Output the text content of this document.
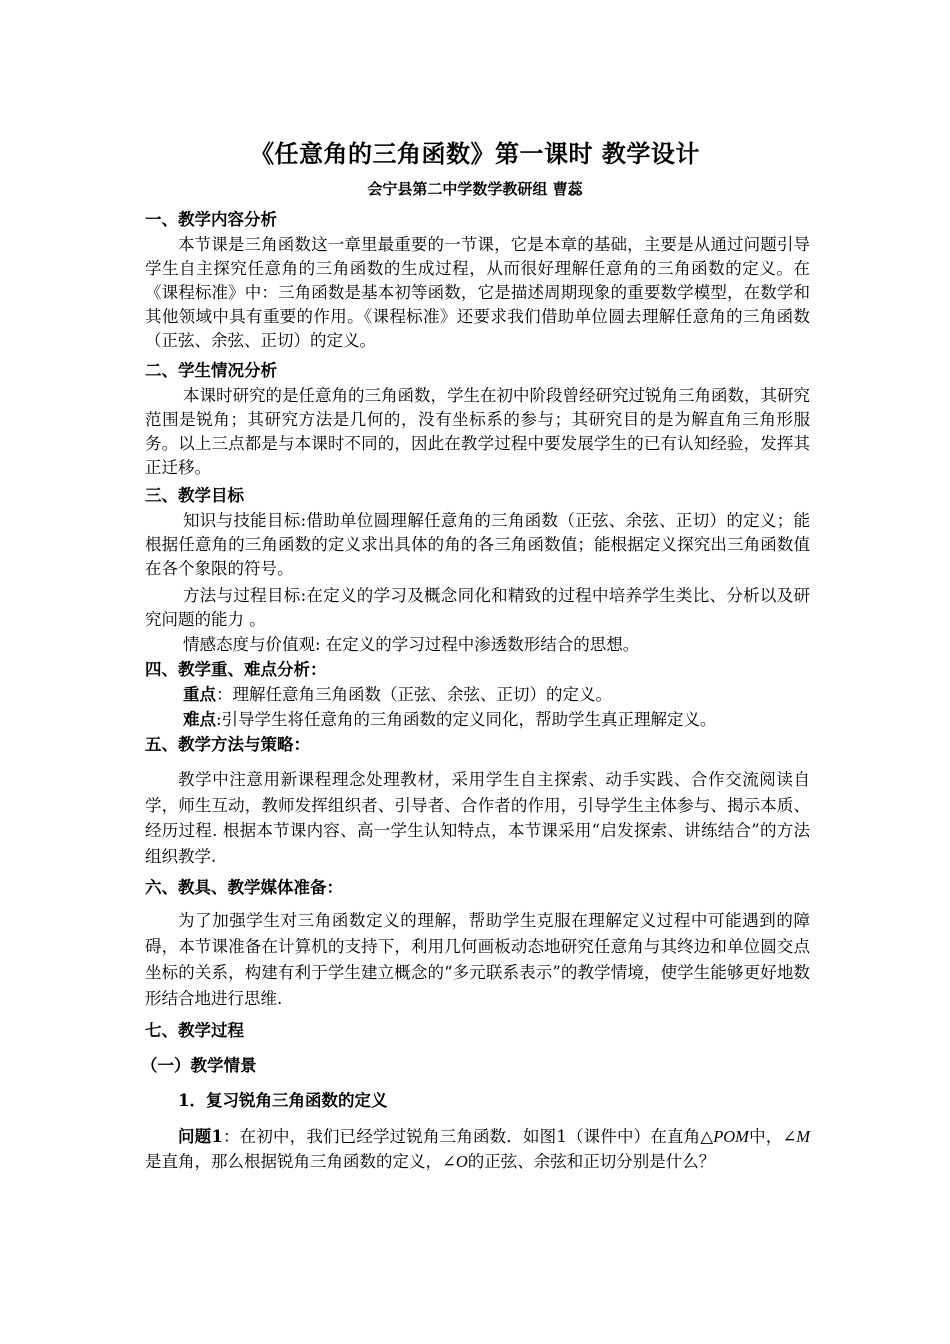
《任意角的三角函数》第一课时 教学设计
会宁县第二中学数学教研组 曹蕊
一、教学内容分析
本节课是三角函数这一章里最重要的一节课，它是本章的基础，主要是从通过问题引导学生自主探究任意角的三角函数的生成过程，从而很好理解任意角的三角函数的定义。在《课程标准》中：三角函数是基本初等函数，它是描述周期现象的重要数学模型，在数学和其他领域中具有重要的作用。《课程标准》还要求我们借助单位圆去理解任意角的三角函数（正弦、余弦、正切）的定义。
二、学生情况分析
本课时研究的是任意角的三角函数，学生在初中阶段曾经研究过锐角三角函数，其研究范围是锐角；其研究方法是几何的，没有坐标系的参与；其研究目的是为解直角三角形服务。以上三点都是与本课时不同的，因此在教学过程中要发展学生的已有认知经验，发挥其正迁移。
三、教学目标
知识与技能目标:借助单位圆理解任意角的三角函数（正弦、余弦、正切）的定义；能根据任意角的三角函数的定义求出具体的角的各三角函数值；能根据定义探究出三角函数值在各个象限的符号。
方法与过程目标:在定义的学习及概念同化和精致的过程中培养学生类比、分析以及研究问题的能力 。
情感态度与价值观: 在定义的学习过程中渗透数形结合的思想。
四、教学重、难点分析：
重点：理解任意角三角函数（正弦、余弦、正切）的定义。
难点:引导学生将任意角的三角函数的定义同化，帮助学生真正理解定义。
五、教学方法与策略：
教学中注意用新课程理念处理教材，采用学生自主探索、动手实践、合作交流阅读自学，师生互动，教师发挥组织者、引导者、合作者的作用，引导学生主体参与、揭示本质、经历过程. 根据本节课内容、高一学生认知特点，本节课采用“启发探索、讲练结合”的方法组织教学.
六、教具、教学媒体准备：
为了加强学生对三角函数定义的理解，帮助学生克服在理解定义过程中可能遇到的障碍，本节课准备在计算机的支持下，利用几何画板动态地研究任意角与其终边和单位圆交点坐标的关系，构建有利于学生建立概念的“多元联系表示”的教学情境，使学生能够更好地数形结合地进行思维.
七、教学过程
（一）教学情景
1．复习锐角三角函数的定义
问题1：在初中，我们已经学过锐角三角函数．如图1（课件中）在直角△POM中，∠M是直角，那么根据锐角三角函数的定义，∠O的正弦、余弦和正切分别是什么？
